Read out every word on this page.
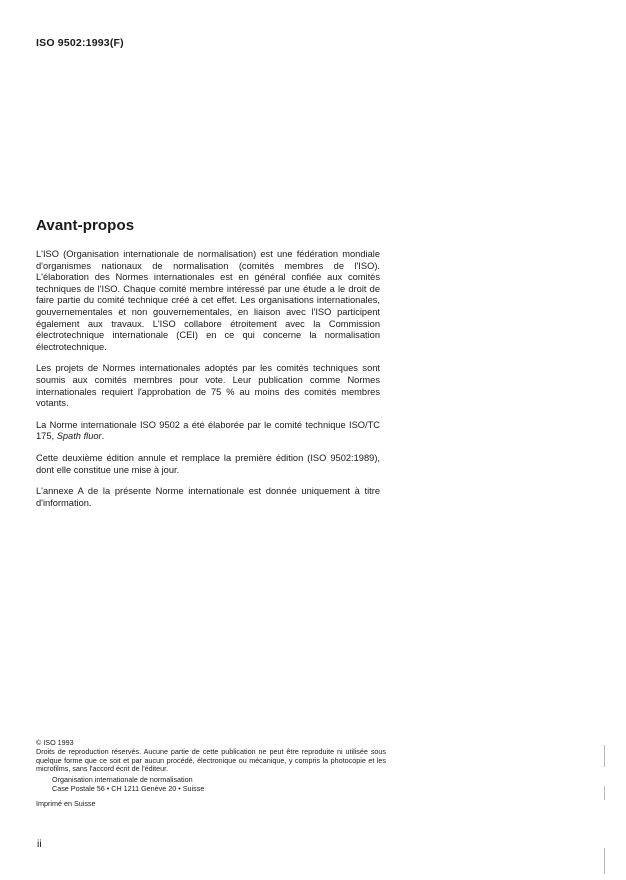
ISO 9502:1993(F)
Avant-propos

L'ISO (Organisation internationale de normalisation) est une fédération mondiale d'organismes nationaux de normalisation (comités membres de l'ISO). L'élaboration des Normes internationales est en général confiée aux comités techniques de l'ISO. Chaque comité membre intéressé par une étude a le droit de faire partie du comité technique créé à cet effet. Les organisations internationales, gouvernementales et non gouvernementales, en liaison avec l'ISO participent également aux travaux. L'ISO collabore étroitement avec la Commission électrotechnique internationale (CEI) en ce qui concerne la normalisation électrotechnique.

Les projets de Normes internationales adoptés par les comités techniques sont soumis aux comités membres pour vote. Leur publication comme Normes internationales requiert l'approbation de 75 % au moins des comités membres votants.

La Norme internationale ISO 9502 a été élaborée par le comité technique ISO/TC 175, Spath fluor.

Cette deuxième édition annule et remplace la première édition (ISO 9502:1989), dont elle constitue une mise à jour.

L'annexe A de la présente Norme internationale est donnée uniquement à titre d'information.

© ISO 1993
Droits de reproduction réservés. Aucune partie de cette publication ne peut être reproduite ni utilisée sous quelque forme que ce soit et par aucun procédé, électronique ou mécanique, y compris la photocopie et les microfilms, sans l'accord écrit de l'éditeur.
Organisation internationale de normalisation
Case Postale 56 • CH 1211 Genève 20 • Suisse
Imprimé en Suisse
ii
